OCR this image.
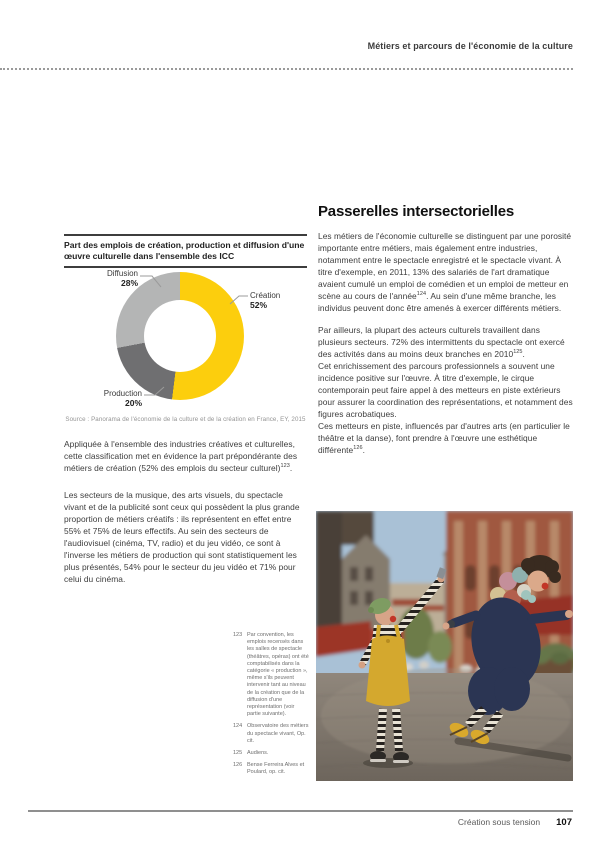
Métiers et parcours de l'économie de la culture
Part des emplois de création, production et diffusion d'une œuvre culturelle dans l'ensemble des ICC
Diffusion
28%
Création
52%
Production
20%
Source : Panorama de l'économie de la culture et de la création en France, EY, 2015

Appliquée à l'ensemble des industries créatives et culturelles, cette classification met en évidence la part prépondérante des métiers de création (52% des emplois du secteur culturel)$^{123}$.

Les secteurs de la musique, des arts visuels, du spectacle vivant et de la publicité sont ceux qui possèdent la plus grande proportion de métiers créatifs : ils représentent en effet entre 55% et 75% de leurs effectifs. Au sein des secteurs de l'audiovisuel (cinéma, TV, radio) et du jeu vidéo, ce sont à l'inverse les métiers de production qui sont statistiquement les plus présentés, 54% pour le secteur du jeu vidéo et 71% pour celui du cinéma.

Passerelles intersectorielles

Les métiers de l'économie culturelle se distinguent par une porosité importante entre métiers, mais également entre industries, notamment entre le spectacle enregistré et le spectacle vivant. À titre d'exemple, en 2011, 13% des salariés de l'art dramatique avaient cumulé un emploi de comédien et un emploi de metteur en scène au cours de l'année$^{124}$. Au sein d'une même branche, les individus peuvent donc être amenés à exercer différents métiers.

Par ailleurs, la plupart des acteurs culturels travaillent dans plusieurs secteurs. 72% des intermittents du spectacle ont exercé des activités dans au moins deux branches en 2010$^{125}$.

Cet enrichissement des parcours professionnels a souvent une incidence positive sur l'œuvre. À titre d'exemple, le cirque contemporain peut faire appel à des metteurs en piste extérieurs pour assurer la coordination des représentations, et notamment des figures acrobatiques.

Ces metteurs en piste, influencés par d'autres arts (en particulier le théâtre et la danse), font prendre à l'œuvre une esthétique différente$^{126}$.

123 Par convention, les emplois recensés dans les salles de spectacle (théâtres, opéras) ont été comptabilisés dans la catégorie « production », même s'ils peuvent intervenir tant au niveau de la création que de la diffusion d'une représentation (voir partie suivante).
124 Observatoire des métiers du spectacle vivant, Op. cit.
125 Audiens.
126 Bense Ferreira Alves et Poulard, op. cit.
Création sous tension 107
